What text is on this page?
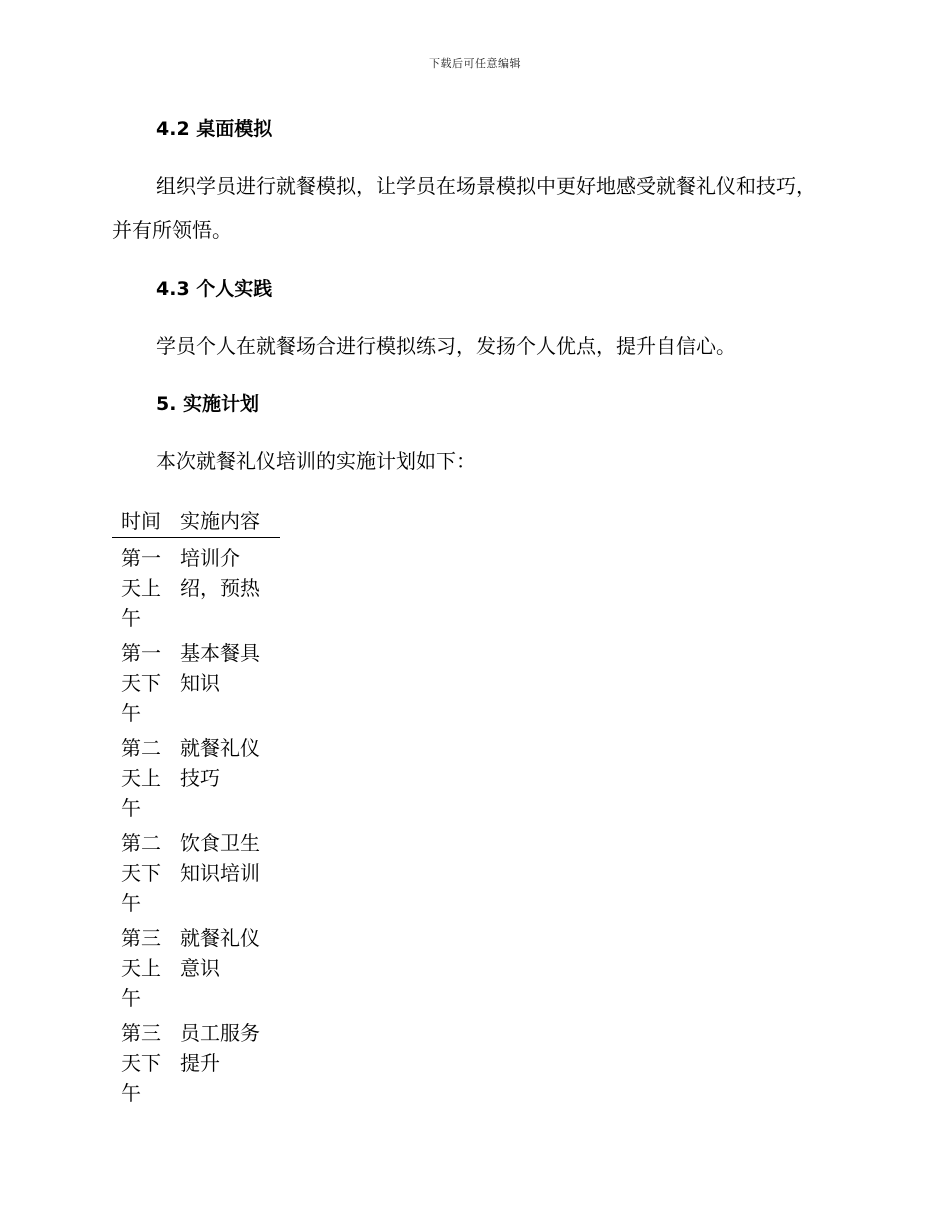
下载后可任意编辑
4.2 桌面模拟

组织学员进行就餐模拟，让学员在场景模拟中更好地感受就餐礼仪和技巧，并有所领悟。

4.3 个人实践

学员个人在就餐场合进行模拟练习，发扬个人优点，提升自信心。

5. 实施计划

本次就餐礼仪培训的实施计划如下：

时间	实施内容
第一天上午	培训介绍，预热
第一天下午	基本餐具知识
第二天上午	就餐礼仪技巧
第二天下午	饮食卫生知识培训
第三天上午	就餐礼仪意识
第三天下午	员工服务提升
